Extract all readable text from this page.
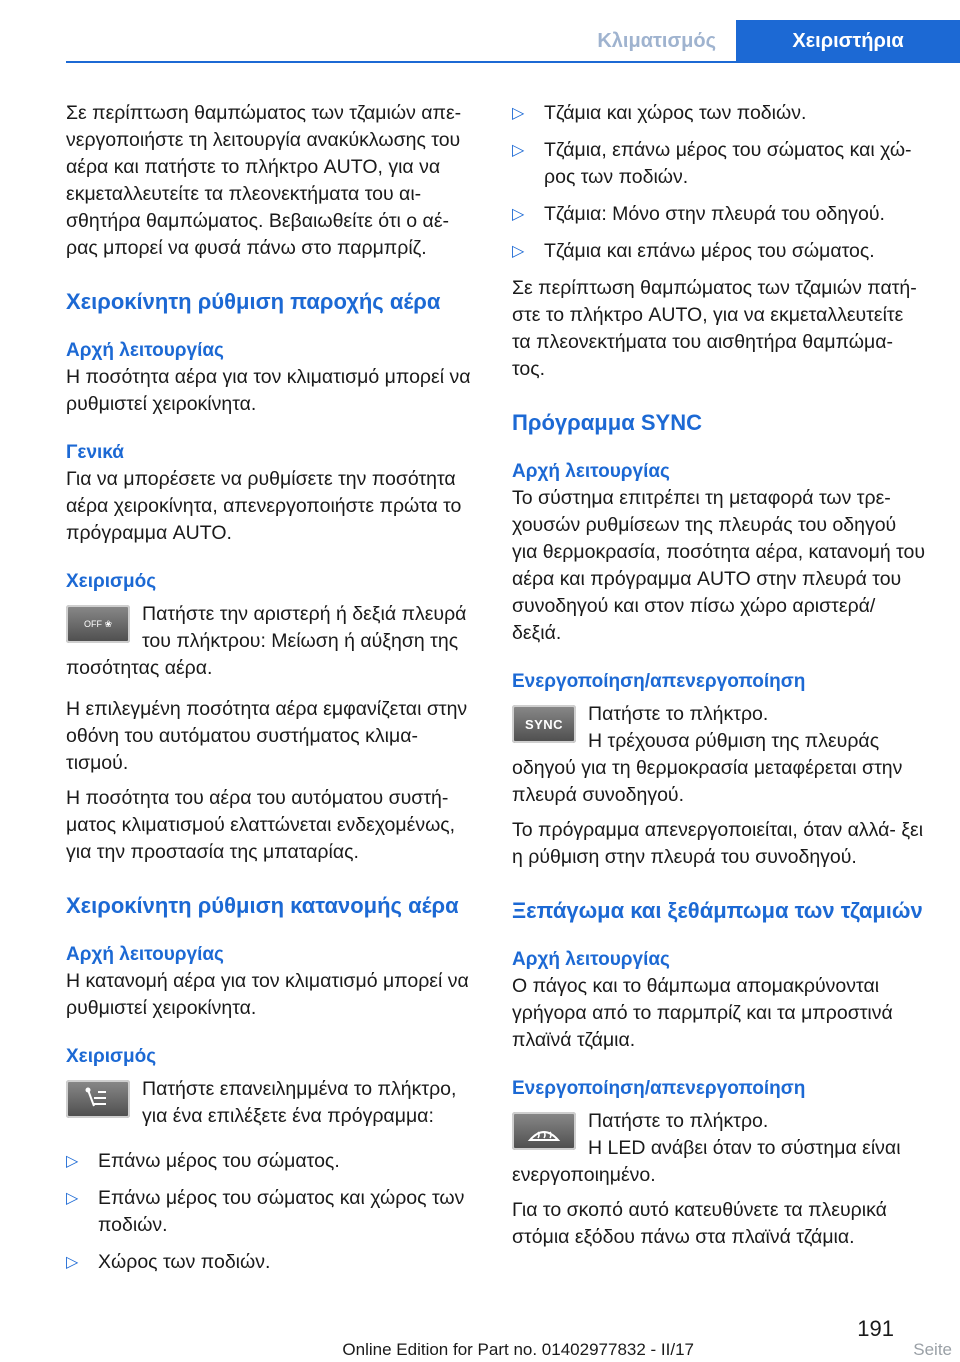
Κλιματισμός	Χειριστήρια

Σε περίπτωση θαμπώματος των τζαμιών απε‐ νεργοποιήστε τη λειτουργία ανακύκλωσης του αέρα και πατήστε το πλήκτρο AUTO, για να εκμεταλλευτείτε τα πλεονεκτήματα του αι‐ σθητήρα θαμπώματος. Βεβαιωθείτε ότι ο αέ‐ ρας μπορεί να φυσά πάνω στο παρμπρίζ.

Χειροκίνητη ρύθμιση παροχής αέρα

Αρχή λειτουργίας

Η ποσότητα αέρα για τον κλιματισμό μπορεί να ρυθμιστεί χειροκίνητα.

Γενικά

Για να μπορέσετε να ρυθμίσετε την ποσότητα αέρα χειροκίνητα, απενεργοποιήστε πρώτα το πρόγραμμα AUTO.

Χειρισμός

OFF ❀	Πατήστε την αριστερή ή δεξιά πλευρά του πλήκτρου: Μείωση ή αύξηση της ποσότητας αέρα.

Η επιλεγμένη ποσότητα αέρα εμφανίζεται στην οθόνη του αυτόματου συστήματος κλιμα‐ τισμού.

Η ποσότητα του αέρα του αυτόματου συστή‐ ματος κλιματισμού ελαττώνεται ενδεχομένως, για την προστασία της μπαταρίας.

Χειροκίνητη ρύθμιση κατανομής αέρα

Αρχή λειτουργίας

Η κατανομή αέρα για τον κλιματισμό μπορεί να ρυθμιστεί χειροκίνητα.

Χειρισμός

Πατήστε επανειλημμένα το πλήκτρο, για ένα επιλέξετε ένα πρόγραμμα:

▷ Επάνω μέρος του σώματος.
▷ Επάνω μέρος του σώματος και χώρος των ποδιών.
▷ Χώρος των ποδιών.
▷ Τζάμια και χώρος των ποδιών.
▷ Τζάμια, επάνω μέρος του σώματος και χώ‐ ρος των ποδιών.
▷ Τζάμια: Μόνο στην πλευρά του οδηγού.
▷ Τζάμια και επάνω μέρος του σώματος.

Σε περίπτωση θαμπώματος των τζαμιών πατή‐ στε το πλήκτρο AUTO, για να εκμεταλλευτείτε τα πλεονεκτήματα του αισθητήρα θαμπώμα‐ τος.

Πρόγραμμα SYNC

Αρχή λειτουργίας

Το σύστημα επιτρέπει τη μεταφορά των τρε‐ χουσών ρυθμίσεων της πλευράς του οδηγού για θερμοκρασία, ποσότητα αέρα, κατανομή του αέρα και πρόγραμμα AUTO στην πλευρά του συνοδηγού και στον πίσω χώρο αριστερά/ δεξιά.

Ενεργοποίηση/απενεργοποίηση

SYNC	Πατήστε το πλήκτρο.

Η τρέχουσα ρύθμιση της πλευράς οδηγού για τη θερμοκρασία μεταφέρεται στην πλευρά συνοδηγού.

Το πρόγραμμα απενεργοποιείται, όταν αλλά‐ ξει η ρύθμιση στην πλευρά του συνοδηγού.

Ξεπάγωμα και ξεθάμπωμα των τζαμιών

Αρχή λειτουργίας

Ο πάγος και το θάμπωμα απομακρύνονται γρήγορα από το παρμπρίζ και τα μπροστινά πλαϊνά τζάμια.

Ενεργοποίηση/απενεργοποίηση

Πατήστε το πλήκτρο.

Η LED ανάβει όταν το σύστημα είναι ενεργοποιημένο.

Για το σκοπό αυτό κατευθύνετε τα πλευρικά στόμια εξόδου πάνω στα πλαϊνά τζάμια.

191
Online Edition for Part no. 01402977832 - II/17	Seite
